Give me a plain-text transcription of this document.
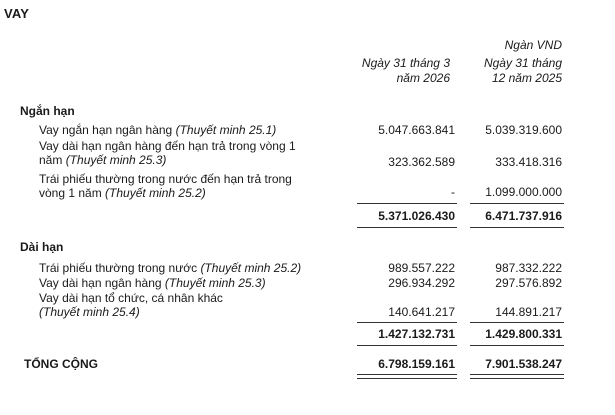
VAY
Ngàn VND
Ngày 31 tháng 3
năm 2026
Ngày 31 tháng
12 năm 2025
Ngắn hạn
Vay ngắn hạn ngân hàng (Thuyết minh 25.1)	5.047.663.841	5.039.319.600
Vay dài hạn ngân hàng đến hạn trả trong vòng 1
năm (Thuyết minh 25.3)	323.362.589	333.418.316
Trái phiếu thường trong nước đến hạn trả trong
vòng 1 năm (Thuyết minh 25.2)	-	1.099.000.000
5.371.026.430	6.471.737.916
Dài hạn
Trái phiếu thường trong nước (Thuyết minh 25.2)	989.557.222	987.332.222
Vay dài hạn ngân hàng (Thuyết minh 25.3)	296.934.292	297.576.892
Vay dài hạn tổ chức, cá nhân khác
(Thuyết minh 25.4)	140.641.217	144.891.217
1.427.132.731	1.429.800.331
TỔNG CỘNG	6.798.159.161	7.901.538.247
